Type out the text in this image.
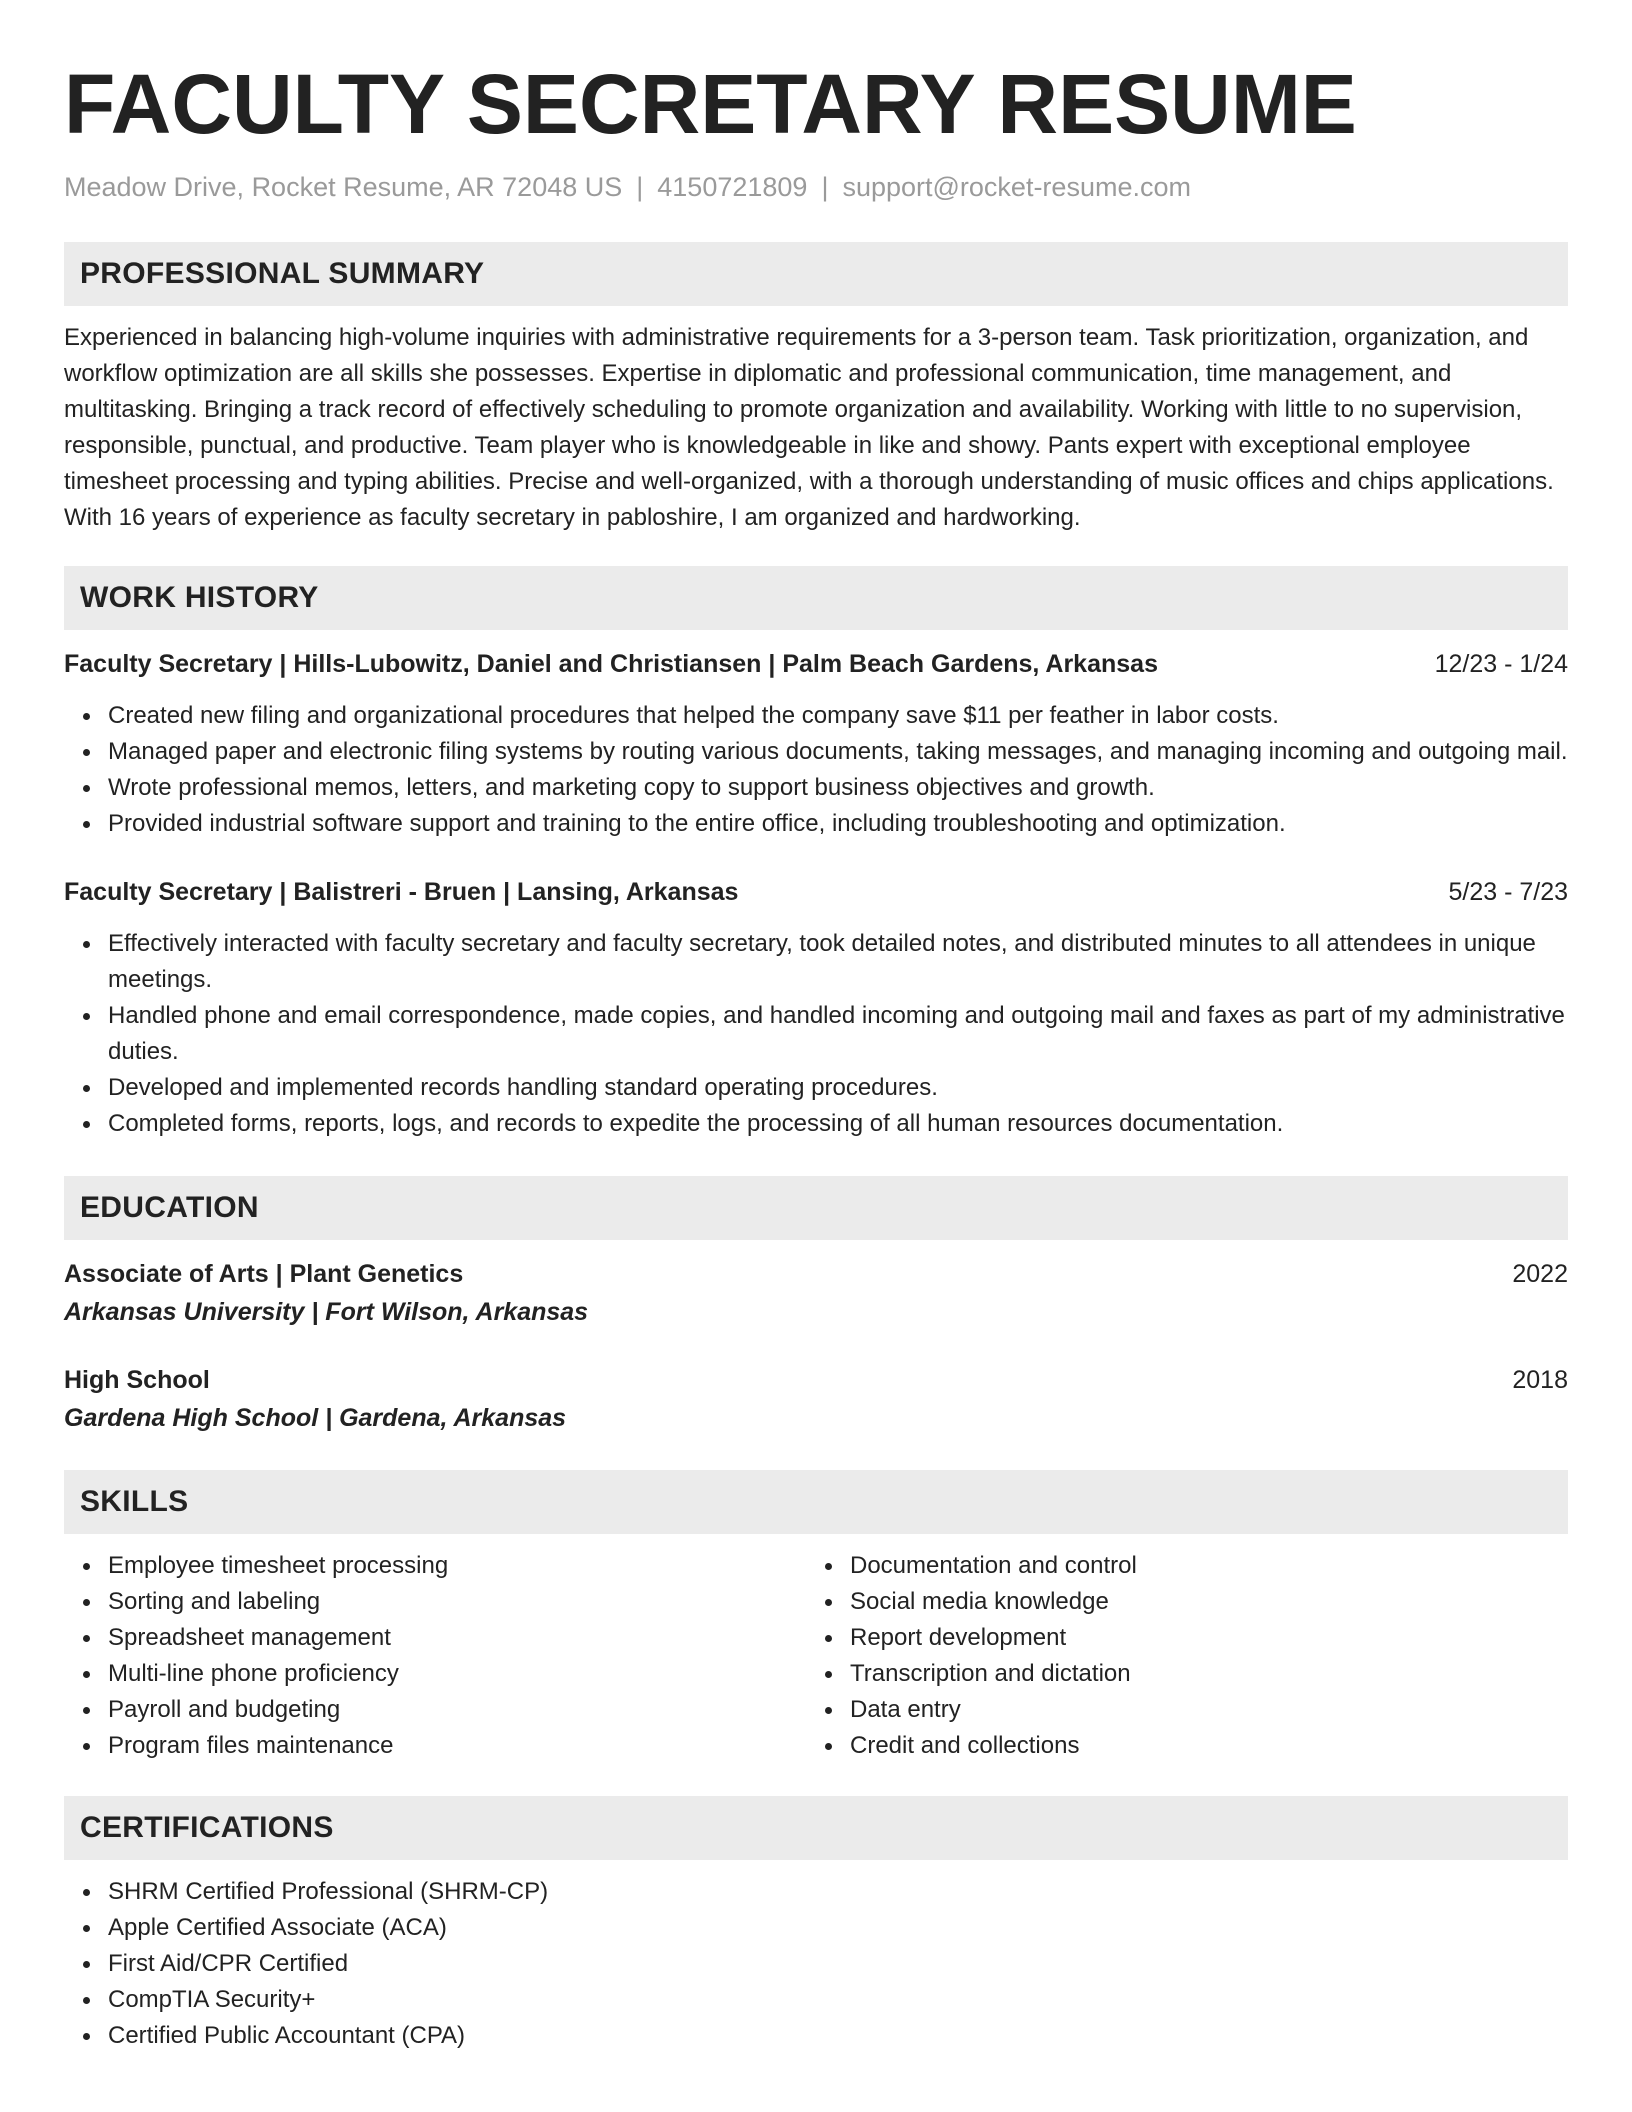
FACULTY SECRETARY RESUME
Meadow Drive, Rocket Resume, AR 72048 US | 4150721809 | support@rocket-resume.com
PROFESSIONAL SUMMARY
Experienced in balancing high-volume inquiries with administrative requirements for a 3-person team. Task prioritization, organization, and workflow optimization are all skills she possesses. Expertise in diplomatic and professional communication, time management, and multitasking. Bringing a track record of effectively scheduling to promote organization and availability. Working with little to no supervision, responsible, punctual, and productive. Team player who is knowledgeable in like and showy. Pants expert with exceptional employee timesheet processing and typing abilities. Precise and well-organized, with a thorough understanding of music offices and chips applications. With 16 years of experience as faculty secretary in pabloshire, I am organized and hardworking.
WORK HISTORY
Faculty Secretary | Hills-Lubowitz, Daniel and Christiansen | Palm Beach Gardens, Arkansas	12/23 - 1/24
Created new filing and organizational procedures that helped the company save $11 per feather in labor costs.
Managed paper and electronic filing systems by routing various documents, taking messages, and managing incoming and outgoing mail.
Wrote professional memos, letters, and marketing copy to support business objectives and growth.
Provided industrial software support and training to the entire office, including troubleshooting and optimization.
Faculty Secretary | Balistreri - Bruen | Lansing, Arkansas	5/23 - 7/23
Effectively interacted with faculty secretary and faculty secretary, took detailed notes, and distributed minutes to all attendees in unique meetings.
Handled phone and email correspondence, made copies, and handled incoming and outgoing mail and faxes as part of my administrative duties.
Developed and implemented records handling standard operating procedures.
Completed forms, reports, logs, and records to expedite the processing of all human resources documentation.
EDUCATION
Associate of Arts | Plant Genetics	2022
Arkansas University | Fort Wilson, Arkansas
High School	2018
Gardena High School | Gardena, Arkansas
SKILLS
Employee timesheet processing
Sorting and labeling
Spreadsheet management
Multi-line phone proficiency
Payroll and budgeting
Program files maintenance
Documentation and control
Social media knowledge
Report development
Transcription and dictation
Data entry
Credit and collections
CERTIFICATIONS
SHRM Certified Professional (SHRM-CP)
Apple Certified Associate (ACA)
First Aid/CPR Certified
CompTIA Security+
Certified Public Accountant (CPA)
